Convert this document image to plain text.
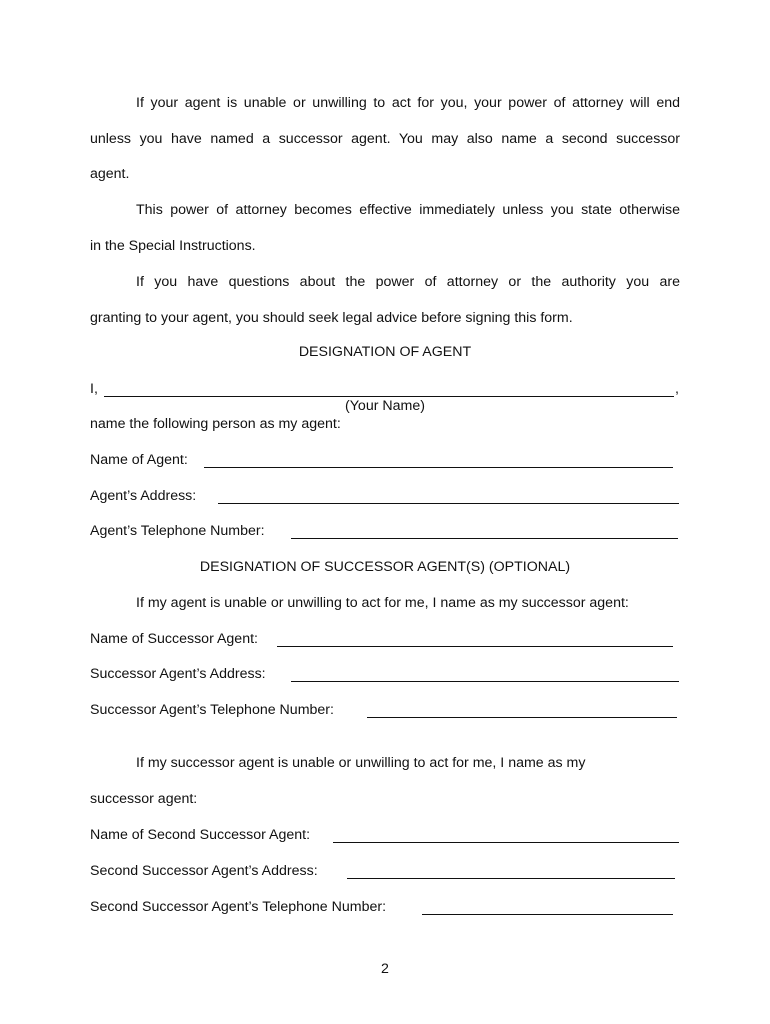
If your agent is unable or unwilling to act for you, your power of attorney will end
unless you have named a successor agent. You may also name a second successor
agent.
This power of attorney becomes effective immediately unless you state otherwise
in the Special Instructions.
If you have questions about the power of attorney or the authority you are
granting to your agent, you should seek legal advice before signing this form.
DESIGNATION OF AGENT
I,	,
(Your Name)
name the following person as my agent:
Name of Agent:
Agent’s Address:
Agent’s Telephone Number:
DESIGNATION OF SUCCESSOR AGENT(S) (OPTIONAL)
If my agent is unable or unwilling to act for me, I name as my successor agent:
Name of Successor Agent:
Successor Agent’s Address:
Successor Agent’s Telephone Number:
If my successor agent is unable or unwilling to act for me, I name as my
successor agent:
Name of Second Successor Agent:
Second Successor Agent’s Address:
Second Successor Agent’s Telephone Number:
2
